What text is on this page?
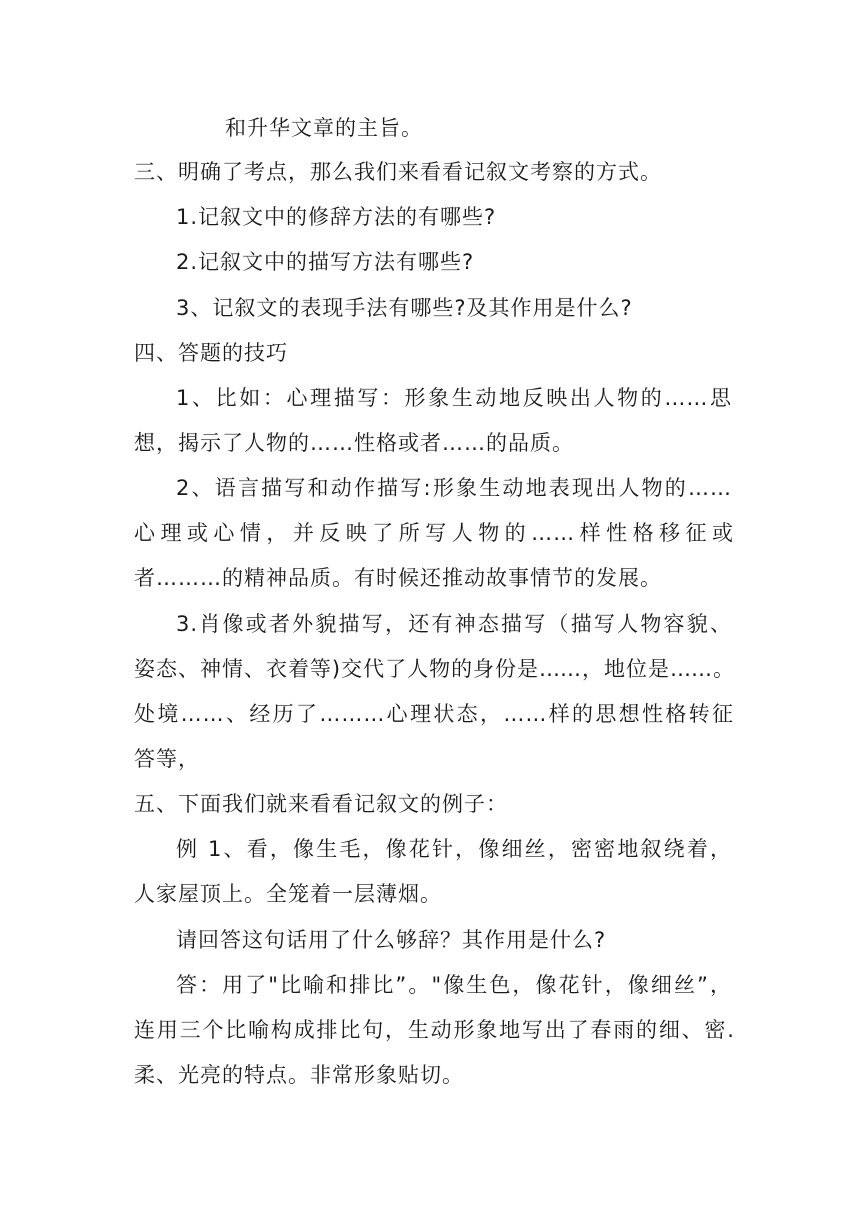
和升华文章的主旨。
三、明确了考点，那么我们来看看记叙文考察的方式。
1.记叙文中的修辞方法的有哪些?
2.记叙文中的描写方法有哪些?
3、记叙文的表现手法有哪些?及其作用是什么?
四、答题的技巧
1、比如：心理描写：形象生动地反映出人物的……思
想，揭示了人物的……性格或者……的品质。
2、语言描写和动作描写:形象生动地表现出人物的……
心理或心情，并反映了所写人物的……样性格移征或
者………的精神品质。有时候还推动故事情节的发展。
3.肖像或者外貌描写，还有神态描写（描写人物容貌、
姿态、神情、衣着等)交代了人物的身份是……，地位是……。
处境……、经历了………心理状态，……样的思想性格转征
答等，
五、下面我们就来看看记叙文的例子：
例 1、看，像生毛，像花针，像细丝，密密地叙绕着，
人家屋顶上。全笼着一层薄烟。
请回答这句话用了什么够辞？其作用是什么?
答：用了"比喻和排比”。"像生色，像花针，像细丝”，
连用三个比喻构成排比句，生动形象地写出了春雨的细、密.
柔、光亮的特点。非常形象贴切。
